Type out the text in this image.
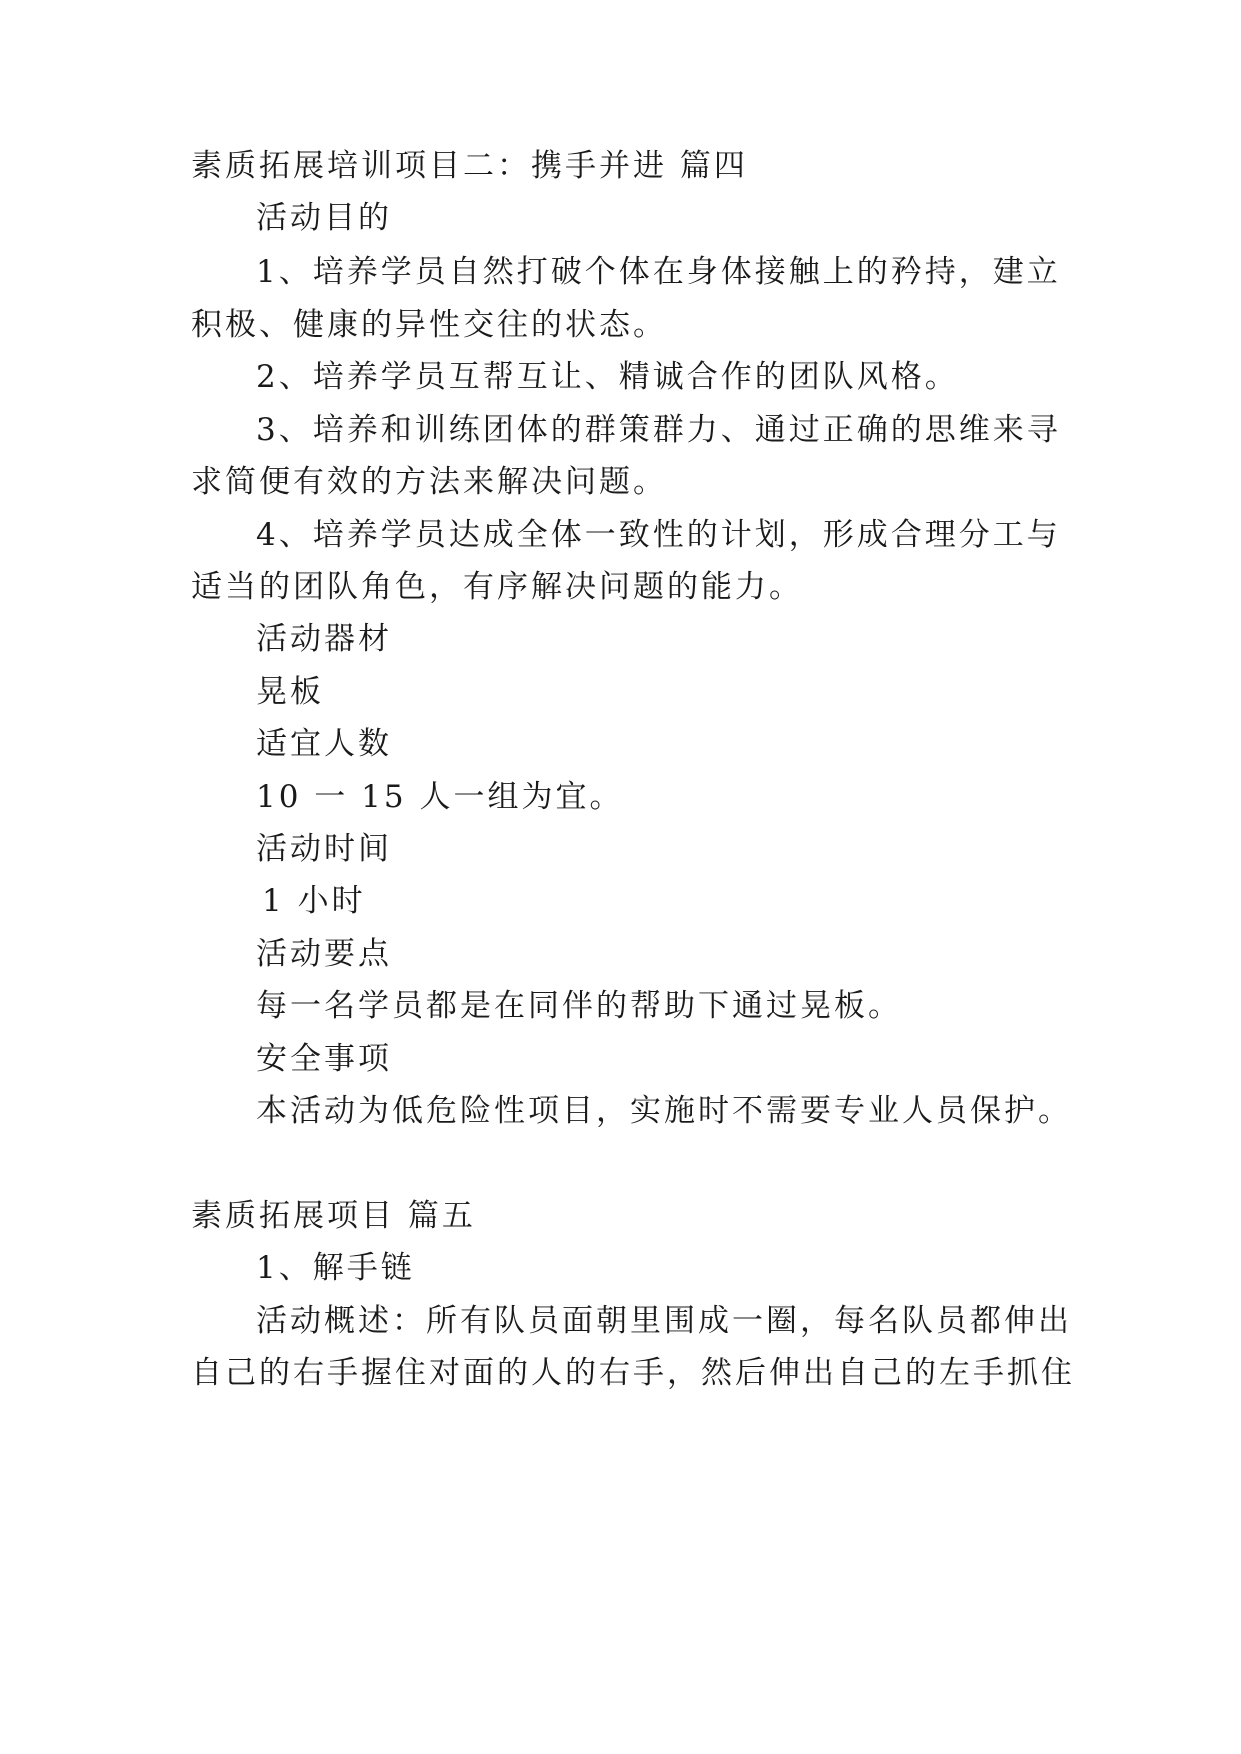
素质拓展培训项目二：携手并进 篇四
活动目的
1、培养学员自然打破个体在身体接触上的矜持，建立
积极、健康的异性交往的状态。
2、培养学员互帮互让、精诚合作的团队风格。
3、培养和训练团体的群策群力、通过正确的思维来寻
求简便有效的方法来解决问题。
4、培养学员达成全体一致性的计划，形成合理分工与
适当的团队角色，有序解决问题的能力。
活动器材
晃板
适宜人数
10 一 15 人一组为宜。
活动时间
1 小时
活动要点
每一名学员都是在同伴的帮助下通过晃板。
安全事项
本活动为低危险性项目，实施时不需要专业人员保护。
素质拓展项目 篇五
1、解手链
活动概述：所有队员面朝里围成一圈，每名队员都伸出
自己的右手握住对面的人的右手，然后伸出自己的左手抓住
